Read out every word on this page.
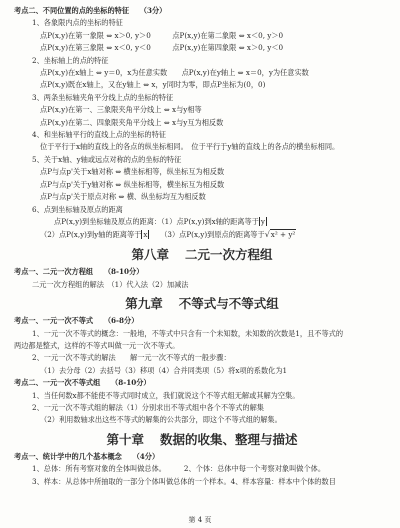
考点二、不同位置的点的坐标的特征　　（3分）
1、各象限内点的坐标的特征
点P(x,y)在第一象限 ⇔ x＞0, y＞0　　　点P(x,y)在第二象限 ⇔ x＜0, y＞0
点P(x,y)在第三象限 ⇔ x＜0, y＜0　　　点P(x,y)在第四象限 ⇔ x＞0, y＜0
2、坐标轴上的点的特征
点P(x,y)在x轴上 ⇔ y＝0，x为任意实数　　点P(x,y)在y轴上 ⇔ x＝0，y为任意实数
点P(x,y)既在x轴上，又在y轴上 ⇔ x，y同时为零，即点P坐标为(0，0)
3、两条坐标轴夹角平分线上点的坐标的特征
点P(x,y)在第一、三象限夹角平分线上 ⇔ x与y相等
点P(x,y)在第二、四象限夹角平分线上 ⇔ x与y互为相反数
4、和坐标轴平行的直线上点的坐标的特征
位于平行于x轴的直线上的各点的纵坐标相同。　位于平行于y轴的直线上的各点的横坐标相同。
5、关于x轴、y轴或远点对称的点的坐标的特征
点P与点p'关于x轴对称 ⇔ 横坐标相等，纵坐标互为相反数
点P与点p'关于y轴对称 ⇔ 纵坐标相等，横坐标互为相反数
点P与点p'关于原点对称 ⇔ 横、纵坐标均互为相反数
6、点到坐标轴及原点的距离
点P(x,y)到坐标轴及原点的距离：（1）点P(x,y)到x轴的距离等于 y
（2）点P(x,y)到y轴的距离等于 x　　（3）点P(x,y)到原点的距离等于√x² + y²
第八章 二元一次方程组
考点一、二元一次方程组　　（8-10分）
二元一次方程组的解法　（1）代入法（2）加减法
第九章 不等式与不等式组
考点一、一元一次不等式　　（6-8分）
1、一元一次不等式的概念：一般地，不等式中只含有一个未知数，未知数的次数是1，且不等式的
两边都是整式，这样的不等式叫做一元一次不等式。
2、一元一次不等式的解法　　解一元一次不等式的一般步骤：
（1）去分母（2）去括号（3）移项（4）合并同类项（5）将x项的系数化为1
考点二、一元一次不等式组　　（8-10分）
1、当任何数x都不能使不等式同时成立，我们就说这个不等式组无解或其解为空集。
2、一元一次不等式组的解法（1）分别求出不等式组中各个不等式的解集
（2）利用数轴求出这些不等式的解集的公共部分，即这个不等式组的解集。
第十章 数据的收集、整理与描述
考点一、统计学中的几个基本概念　　（4分）
1、总体：所有考察对象的全体叫做总体。　　　2、个体：总体中每一个考察对象叫做个体。
3、样本：从总体中所抽取的一部分个体叫做总体的一个样本。4、样本容量：样本中个体的数目
第 4 页
